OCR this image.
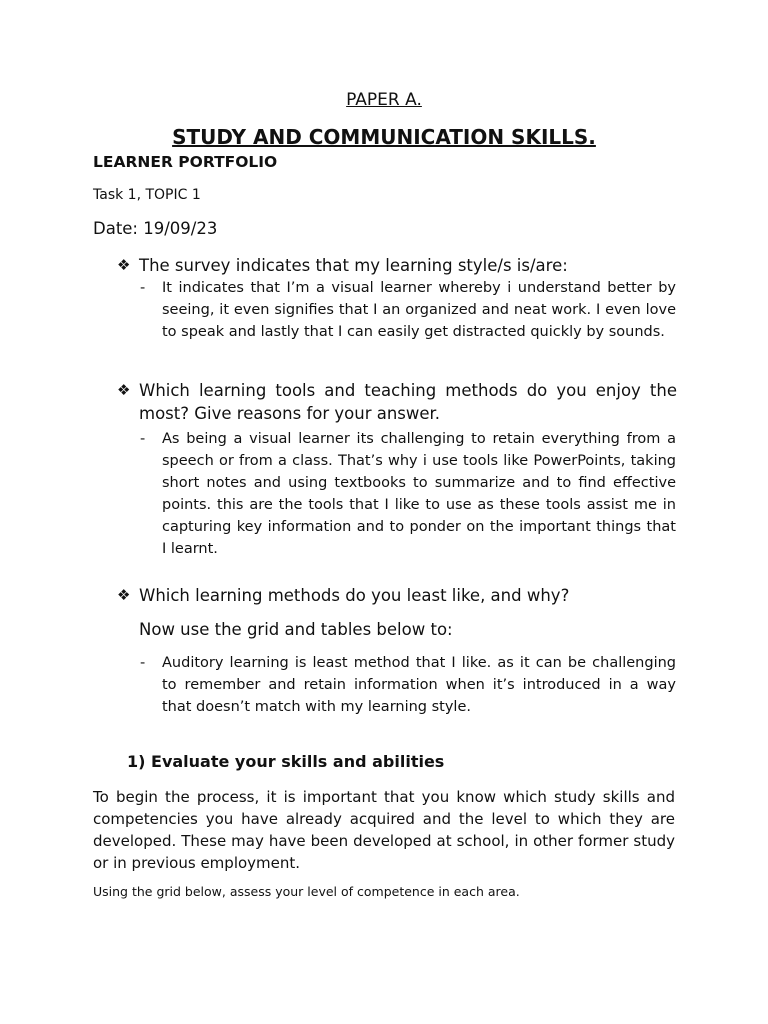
PAPER A.

STUDY AND COMMUNICATION SKILLS.

LEARNER PORTFOLIO

Task 1, TOPIC 1

Date: 19/09/23

❖ The survey indicates that my learning style/s is/are:
-	It indicates that I’m a visual learner whereby i understand better by seeing, it even signifies that I an organized and neat work. I even love to speak and lastly that I can easily get distracted quickly by sounds.
❖ Which learning tools and teaching methods do you enjoy the most? Give reasons for your answer.
-	As being a visual learner its challenging to retain everything from a speech or from a class. That’s why i use tools like PowerPoints, taking short notes and using textbooks to summarize and to find effective points. this are the tools that I like to use as these tools assist me in capturing key information and to ponder on the important things that I learnt.
❖ Which learning methods do you least like, and why?

Now use the grid and tables below to:

-	Auditory learning is least method that I like. as it can be challenging to remember and retain information when it’s introduced in a way that doesn’t match with my learning style.

1) Evaluate your skills and abilities

To begin the process, it is important that you know which study skills and competencies you have already acquired and the level to which they are developed. These may have been developed at school, in other former study or in previous employment.

Using the grid below, assess your level of competence in each area.
